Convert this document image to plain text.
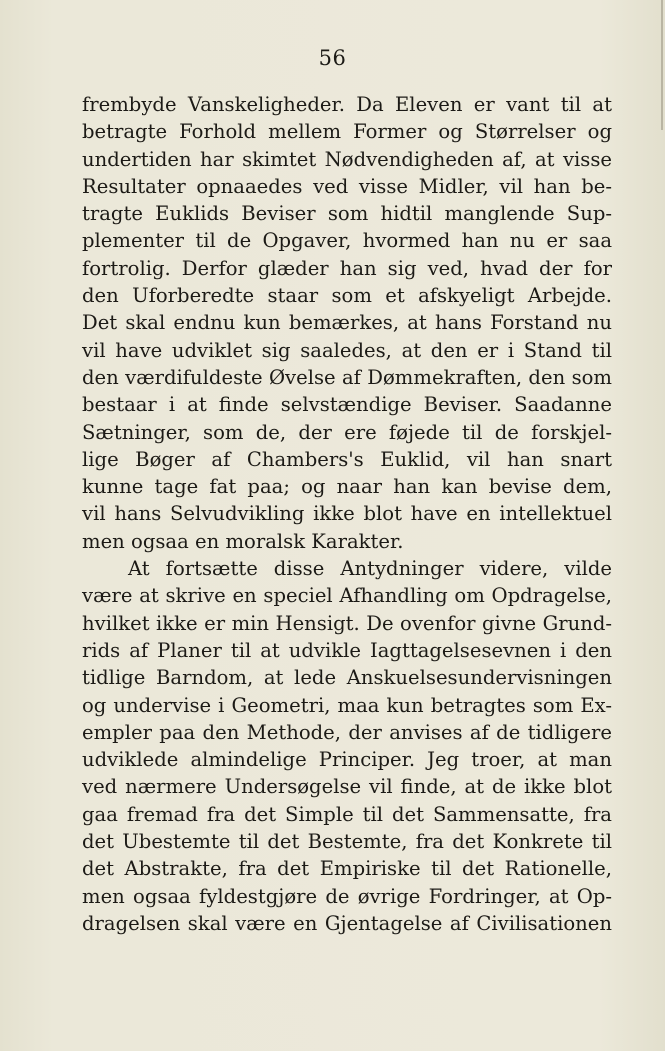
56
frembyde Vanskeligheder. Da Eleven er vant til at
betragte Forhold mellem Former og Størrelser og
undertiden har skimtet Nødvendigheden af, at visse
Resultater opnaaedes ved visse Midler, vil han be-
tragte Euklids Beviser som hidtil manglende Sup-
plementer til de Opgaver, hvormed han nu er saa
fortrolig. Derfor glæder han sig ved, hvad der for
den Uforberedte staar som et afskyeligt Arbejde.
Det skal endnu kun bemærkes, at hans Forstand nu
vil have udviklet sig saaledes, at den er i Stand til
den værdifuldeste Øvelse af Dømmekraften, den som
bestaar i at finde selvstændige Beviser. Saadanne
Sætninger, som de, der ere føjede til de forskjel-
lige Bøger af Chambers's Euklid, vil han snart
kunne tage fat paa; og naar han kan bevise dem,
vil hans Selvudvikling ikke blot have en intellektuel
men ogsaa en moralsk Karakter.
At fortsætte disse Antydninger videre, vilde
være at skrive en speciel Afhandling om Opdragelse,
hvilket ikke er min Hensigt. De ovenfor givne Grund-
rids af Planer til at udvikle Iagttagelsesevnen i den
tidlige Barndom, at lede Anskuelsesundervisningen
og undervise i Geometri, maa kun betragtes som Ex-
empler paa den Methode, der anvises af de tidligere
udviklede almindelige Principer. Jeg troer, at man
ved nærmere Undersøgelse vil finde, at de ikke blot
gaa fremad fra det Simple til det Sammensatte, fra
det Ubestemte til det Bestemte, fra det Konkrete til
det Abstrakte, fra det Empiriske til det Rationelle,
men ogsaa fyldestgjøre de øvrige Fordringer, at Op-
dragelsen skal være en Gjentagelse af Civilisationen
